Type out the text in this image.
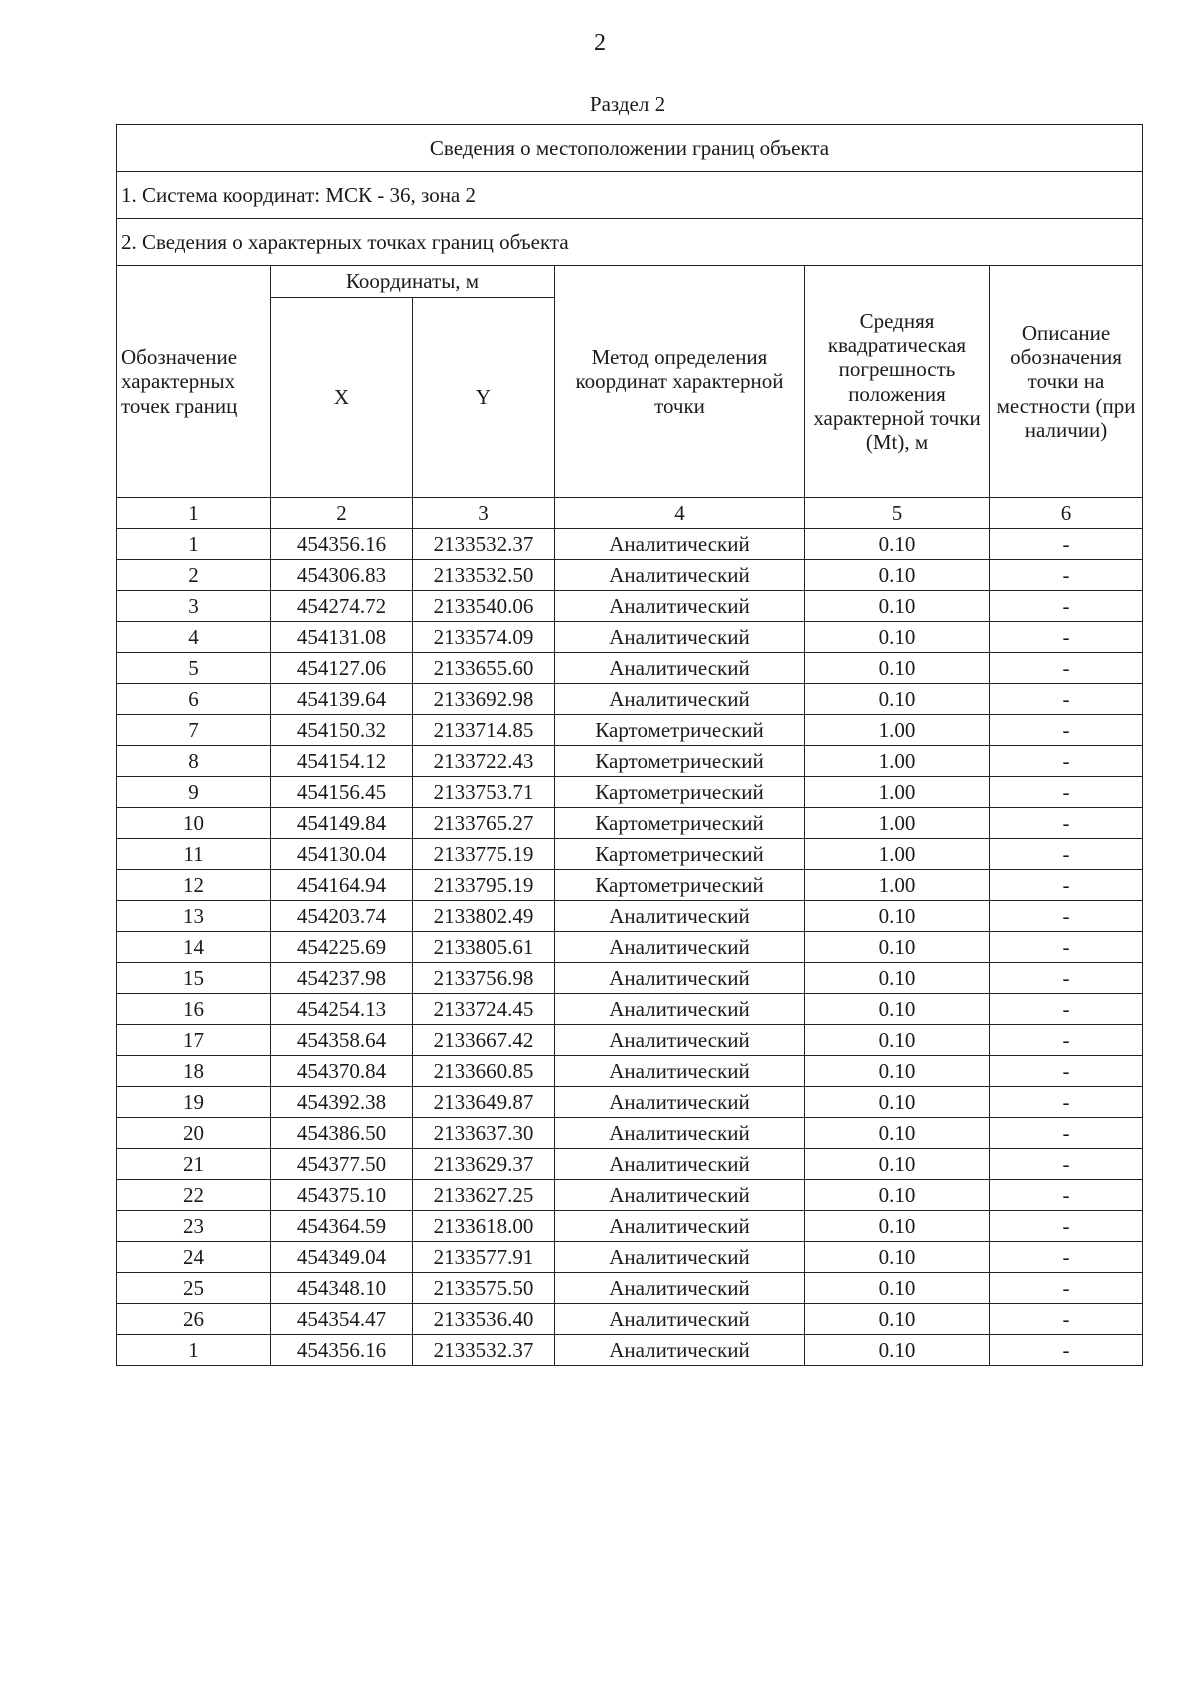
2
Раздел 2
Сведения о местоположении границ объекта					
1. Система координат: МСК - 36, зона 2					
2. Сведения о характерных точках границ объекта					
Обозначение характерных точек границ	Координаты, м		Метод определения координат характерной точки	Средняя квадратическая погрешность положения характерной точки (Mt), м	Описание обозначения точки на местности (при наличии)
	X	Y			
1	2	3	4	5	6
1	454356.16	2133532.37	Аналитический	0.10	-
2	454306.83	2133532.50	Аналитический	0.10	-
3	454274.72	2133540.06	Аналитический	0.10	-
4	454131.08	2133574.09	Аналитический	0.10	-
5	454127.06	2133655.60	Аналитический	0.10	-
6	454139.64	2133692.98	Аналитический	0.10	-
7	454150.32	2133714.85	Картометрический	1.00	-
8	454154.12	2133722.43	Картометрический	1.00	-
9	454156.45	2133753.71	Картометрический	1.00	-
10	454149.84	2133765.27	Картометрический	1.00	-
11	454130.04	2133775.19	Картометрический	1.00	-
12	454164.94	2133795.19	Картометрический	1.00	-
13	454203.74	2133802.49	Аналитический	0.10	-
14	454225.69	2133805.61	Аналитический	0.10	-
15	454237.98	2133756.98	Аналитический	0.10	-
16	454254.13	2133724.45	Аналитический	0.10	-
17	454358.64	2133667.42	Аналитический	0.10	-
18	454370.84	2133660.85	Аналитический	0.10	-
19	454392.38	2133649.87	Аналитический	0.10	-
20	454386.50	2133637.30	Аналитический	0.10	-
21	454377.50	2133629.37	Аналитический	0.10	-
22	454375.10	2133627.25	Аналитический	0.10	-
23	454364.59	2133618.00	Аналитический	0.10	-
24	454349.04	2133577.91	Аналитический	0.10	-
25	454348.10	2133575.50	Аналитический	0.10	-
26	454354.47	2133536.40	Аналитический	0.10	-
1	454356.16	2133532.37	Аналитический	0.10	-
